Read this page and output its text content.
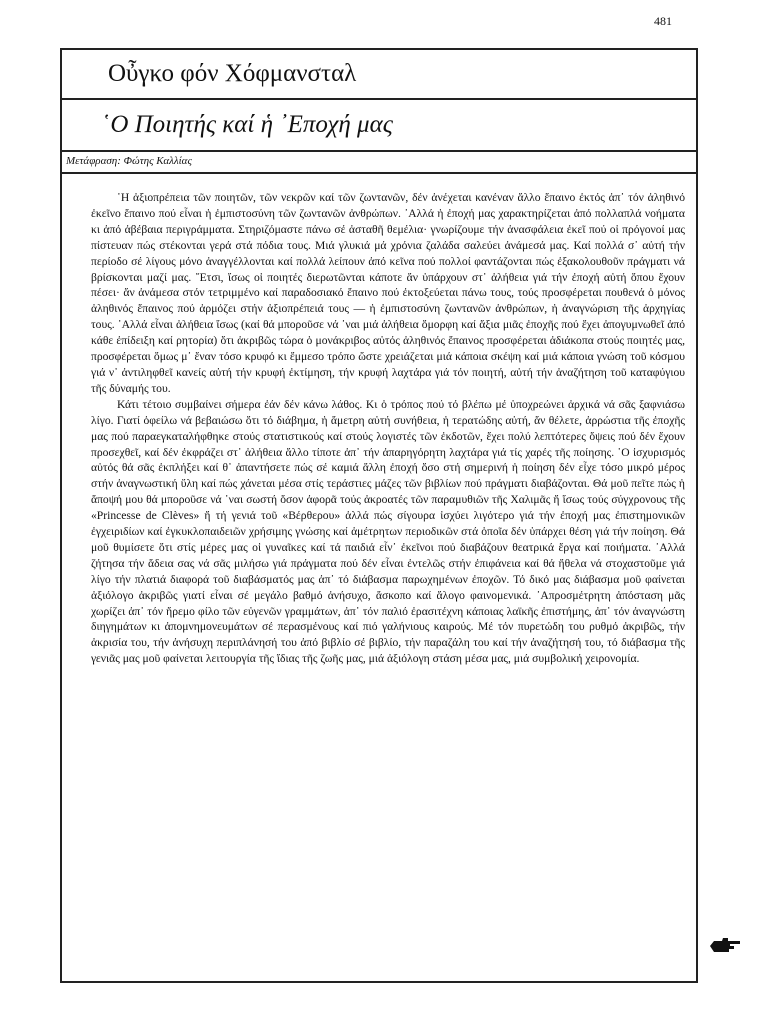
481
Οὖγκο φόν Χόφμανσταλ
῾Ο Ποιητής καί ἡ ᾿Εποχή μας
Μετάφραση: Φώτης Καλλίας

῾Η ἀξιοπρέπεια τῶν ποιητῶν, τῶν νεκρῶν καί τῶν ζωντανῶν, δέν ἀνέχεται κανέναν ἄλλο ἔπαινο ἐκτός ἀπ᾿ τόν ἀληθινό ἐκεῖνο ἔπαινο πού εἶναι ἡ ἐμπιστοσύνη τῶν ζωντανῶν ἀνθρώπων. ᾿Αλλά ἡ ἐποχή μας χαρακτηρίζεται ἀπό πολλαπλά νοήματα κι ἀπό ἀβέβαια περιγράμματα. Στηριζόμαστε πάνω σέ ἀσταθῆ θεμέλια· γνωρίζουμε τήν ἀνασφάλεια ἐκεῖ πού οἱ πρόγονοί μας πίστευαν πώς στέκονται γερά στά πόδια τους. Μιά γλυκιά μά χρόνια ζαλάδα σαλεύει ἀνάμεσά μας. Καί πολλά σ᾿ αὐτή τήν περίοδο σέ λίγους μόνο ἀναγγέλλονται καί πολλά λείπουν ἀπό κεῖνα πού πολλοί φαντάζονται πώς ἐξακολουθοῦν πράγματι νά βρίσκονται μαζί μας. ῎Ετσι, ἴσως οἱ ποιητές διερωτῶνται κάποτε ἄν ὑπάρχουν στ᾿ ἀλήθεια γιά τήν ἐποχή αὐτή ὅπου ἔχουν πέσει· ἄν ἀνάμεσα στόν τετριμμένο καί παραδοσιακό ἔπαινο πού ἐκτοξεύεται πάνω τους, τούς προσφέρεται πουθενά ὁ μόνος ἀληθινός ἔπαινος πού ἁρμόζει στήν ἀξιοπρέπειά τους — ἡ ἐμπιστοσύνη ζωντανῶν ἀνθρώπων, ἡ ἀναγνώριση τῆς ἀρχηγίας τους. ᾿Αλλά εἶναι ἀλήθεια ἴσως (καί θά μποροῦσε νά ᾿ναι μιά ἀλήθεια ὅμορφη καί ἄξια μιᾶς ἐποχῆς πού ἔχει ἀπογυμνωθεῖ ἀπό κάθε ἐπίδειξη καί ρητορία) ὅτι ἀκριβῶς τώρα ὁ μονάκριβος αὐτός ἀληθινός ἔπαινος προσφέρεται ἀδιάκοπα στούς ποιητές μας, προσφέρεται ὅμως μ᾿ ἕναν τόσο κρυφό κι ἔμμεσο τρόπο ὥστε χρειάζεται μιά κάποια σκέψη καί μιά κάποια γνώση τοῦ κόσμου γιά ν᾿ ἀντιληφθεῖ κανείς αὐτή τήν κρυφή ἐκτίμηση, τήν κρυφή λαχτάρα γιά τόν ποιητή, αὐτή τήν ἀναζήτηση τοῦ καταφύγιου τῆς δύναμής του.

Κάτι τέτοιο συμβαίνει σήμερα ἐάν δέν κάνω λάθος. Κι ὁ τρόπος πού τό βλέπω μέ ὑποχρεώνει ἀρχικά νά σᾶς ξαφνιάσω λίγο. Γιατί ὀφείλω νά βεβαιώσω ὅτι τό διάβημα, ἡ ἄμετρη αὐτή συνήθεια, ἡ τερατώδης αὐτή, ἄν θέλετε, ἀρρώστια τῆς ἐποχῆς μας πού παραεγκαταλήφθηκε στούς στατιστικούς καί στούς λογιστές τῶν ἐκδοτῶν, ἔχει πολύ λεπτότερες ὄψεις πού δέν ἔχουν προσεχθεῖ, καί δέν ἐκφράζει στ᾿ ἀλήθεια ἄλλο τίποτε ἀπ᾿ τήν ἀπαρηγόρητη λαχτάρα γιά τίς χαρές τῆς ποίησης. ῾Ο ἰσχυρισμός αὐτός θά σᾶς ἐκπλήξει καί θ᾿ ἀπαντήσετε πώς σέ καμιά ἄλλη ἐποχή ὅσο στή σημερινή ἡ ποίηση δέν εἶχε τόσο μικρό μέρος στήν ἀναγνωστική ὕλη καί πώς χάνεται μέσα στίς τεράστιες μάζες τῶν βιβλίων πού πράγματι διαβάζονται. Θά μοῦ πεῖτε πώς ἡ ἄποψή μου θά μποροῦσε νά ᾿ναι σωστή ὅσον ἀφορᾶ τούς ἀκροατές τῶν παραμυθιῶν τῆς Χαλιμᾶς ἤ ἴσως τούς σύγχρονους τῆς «Princesse de Clèves» ἤ τή γενιά τοῦ «Βέρθερου» ἀλλά πώς σίγουρα ἰσχύει λιγότερο γιά τήν ἐποχή μας ἐπιστημονικῶν ἐγχειριδίων καί ἐγκυκλοπαιδειῶν χρήσιμης γνώσης καί ἀμέτρητων περιοδικῶν στά ὁποῖα δέν ὑπάρχει θέση γιά τήν ποίηση. Θά μοῦ θυμίσετε ὅτι στίς μέρες μας οἱ γυναῖκες καί τά παιδιά εἶν᾿ ἐκεῖνοι πού διαβάζουν θεατρικά ἔργα καί ποιήματα. ᾿Αλλά ζήτησα τήν ἄδεια σας νά σᾶς μιλήσω γιά πράγματα πού δέν εἶναι ἐντελῶς στήν ἐπιφάνεια καί θά ἤθελα νά στοχαστοῦμε γιά λίγο τήν πλατιά διαφορά τοῦ διαβάσματός μας ἀπ᾿ τό διάβασμα παρωχημένων ἐποχῶν. Τό δικό μας διάβασμα μοῦ φαίνεται ἀξιόλογο ἀκριβῶς γιατί εἶναι σέ μεγάλο βαθμό ἀνήσυχο, ἄσκοπο καί ἄλογο φαινομενικά. ᾿Απροσμέτρητη ἀπόσταση μᾶς χωρίζει ἀπ᾿ τόν ἤρεμο φίλο τῶν εὐγενῶν γραμμάτων, ἀπ᾿ τόν παλιό ἐρασιτέχνη κάποιας λαϊκῆς ἐπιστήμης, ἀπ᾿ τόν ἀναγνώστη διηγημάτων κι ἀπομνημονευμάτων σέ περασμένους καί πιό γαλήνιους καιρούς. Μέ τόν πυρετώδη του ρυθμό ἀκριβῶς, τήν ἀκρισία του, τήν ἀνήσυχη περιπλάνησή του ἀπό βιβλίο σέ βιβλίο, τήν παραζάλη του καί τήν ἀναζήτησή του, τό διάβασμα τῆς γενιᾶς μας μοῦ φαίνεται λειτουργία τῆς ἴδιας τῆς ζωῆς μας, μιά ἀξιόλογη στάση μέσα μας, μιά συμβολική χειρονομία.
